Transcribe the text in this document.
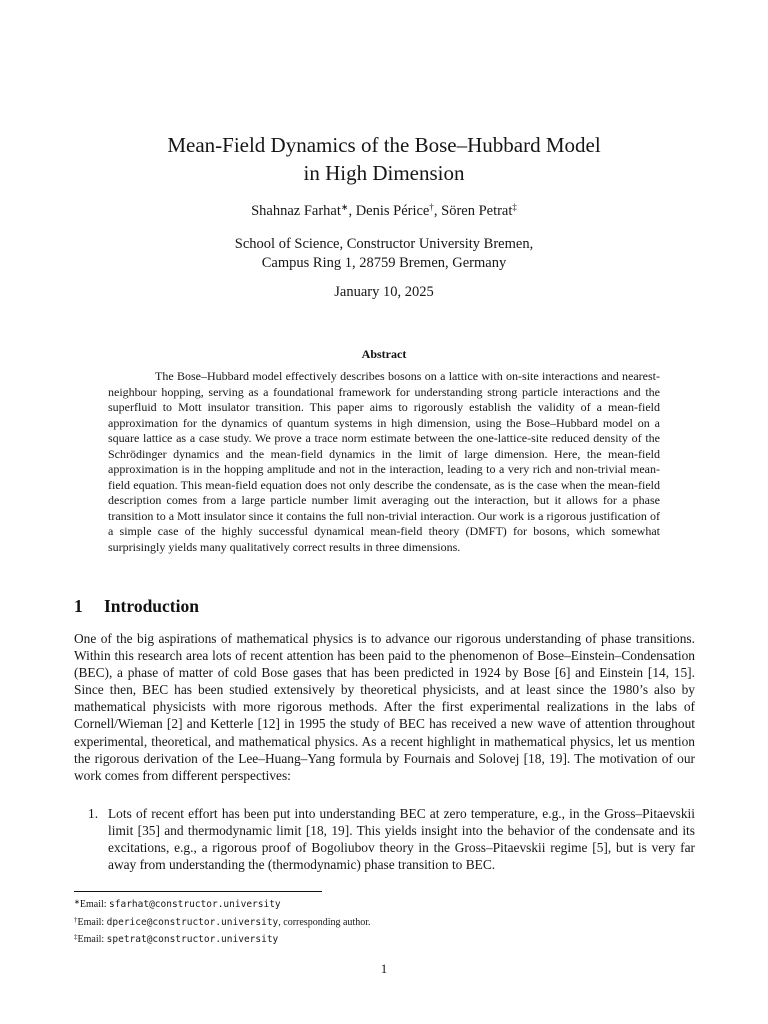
Mean-Field Dynamics of the Bose–Hubbard Model
in High Dimension
Shahnaz Farhat∗, Denis Périce†, Sören Petrat‡
School of Science, Constructor University Bremen,
Campus Ring 1, 28759 Bremen, Germany
January 10, 2025
Abstract

The Bose–Hubbard model effectively describes bosons on a lattice with on-site interactions and nearest-neighbour hopping, serving as a foundational framework for understanding strong particle interactions and the superfluid to Mott insulator transition. This paper aims to rigorously establish the validity of a mean-field approximation for the dynamics of quantum systems in high dimension, using the Bose–Hubbard model on a square lattice as a case study. We prove a trace norm estimate between the one-lattice-site reduced density of the Schrödinger dynamics and the mean-field dynamics in the limit of large dimension. Here, the mean-field approximation is in the hopping amplitude and not in the interaction, leading to a very rich and non-trivial mean-field equation. This mean-field equation does not only describe the condensate, as is the case when the mean-field description comes from a large particle number limit averaging out the interaction, but it allows for a phase transition to a Mott insulator since it contains the full non-trivial interaction. Our work is a rigorous justification of a simple case of the highly successful dynamical mean-field theory (DMFT) for bosons, which somewhat surprisingly yields many qualitatively correct results in three dimensions.

1 Introduction

One of the big aspirations of mathematical physics is to advance our rigorous understanding of phase transitions. Within this research area lots of recent attention has been paid to the phenomenon of Bose–Einstein–Condensation (BEC), a phase of matter of cold Bose gases that has been predicted in 1924 by Bose [6] and Einstein [14, 15]. Since then, BEC has been studied extensively by theoretical physicists, and at least since the 1980’s also by mathematical physicists with more rigorous methods. After the first experimental realizations in the labs of Cornell/Wieman [2] and Ketterle [12] in 1995 the study of BEC has received a new wave of attention throughout experimental, theoretical, and mathematical physics. As a recent highlight in mathematical physics, let us mention the rigorous derivation of the Lee–Huang–Yang formula by Fournais and Solovej [18, 19]. The motivation of our work comes from different perspectives:

1. Lots of recent effort has been put into understanding BEC at zero temperature, e.g., in the Gross–Pitaevskii limit [35] and thermodynamic limit [18, 19]. This yields insight into the behavior of the condensate and its excitations, e.g., a rigorous proof of Bogoliubov theory in the Gross–Pitaevskii regime [5], but is very far away from understanding the (thermodynamic) phase transition to BEC.
∗Email: sfarhat@constructor.university
†Email: dperice@constructor.university, corresponding author.
‡Email: spetrat@constructor.university
1
